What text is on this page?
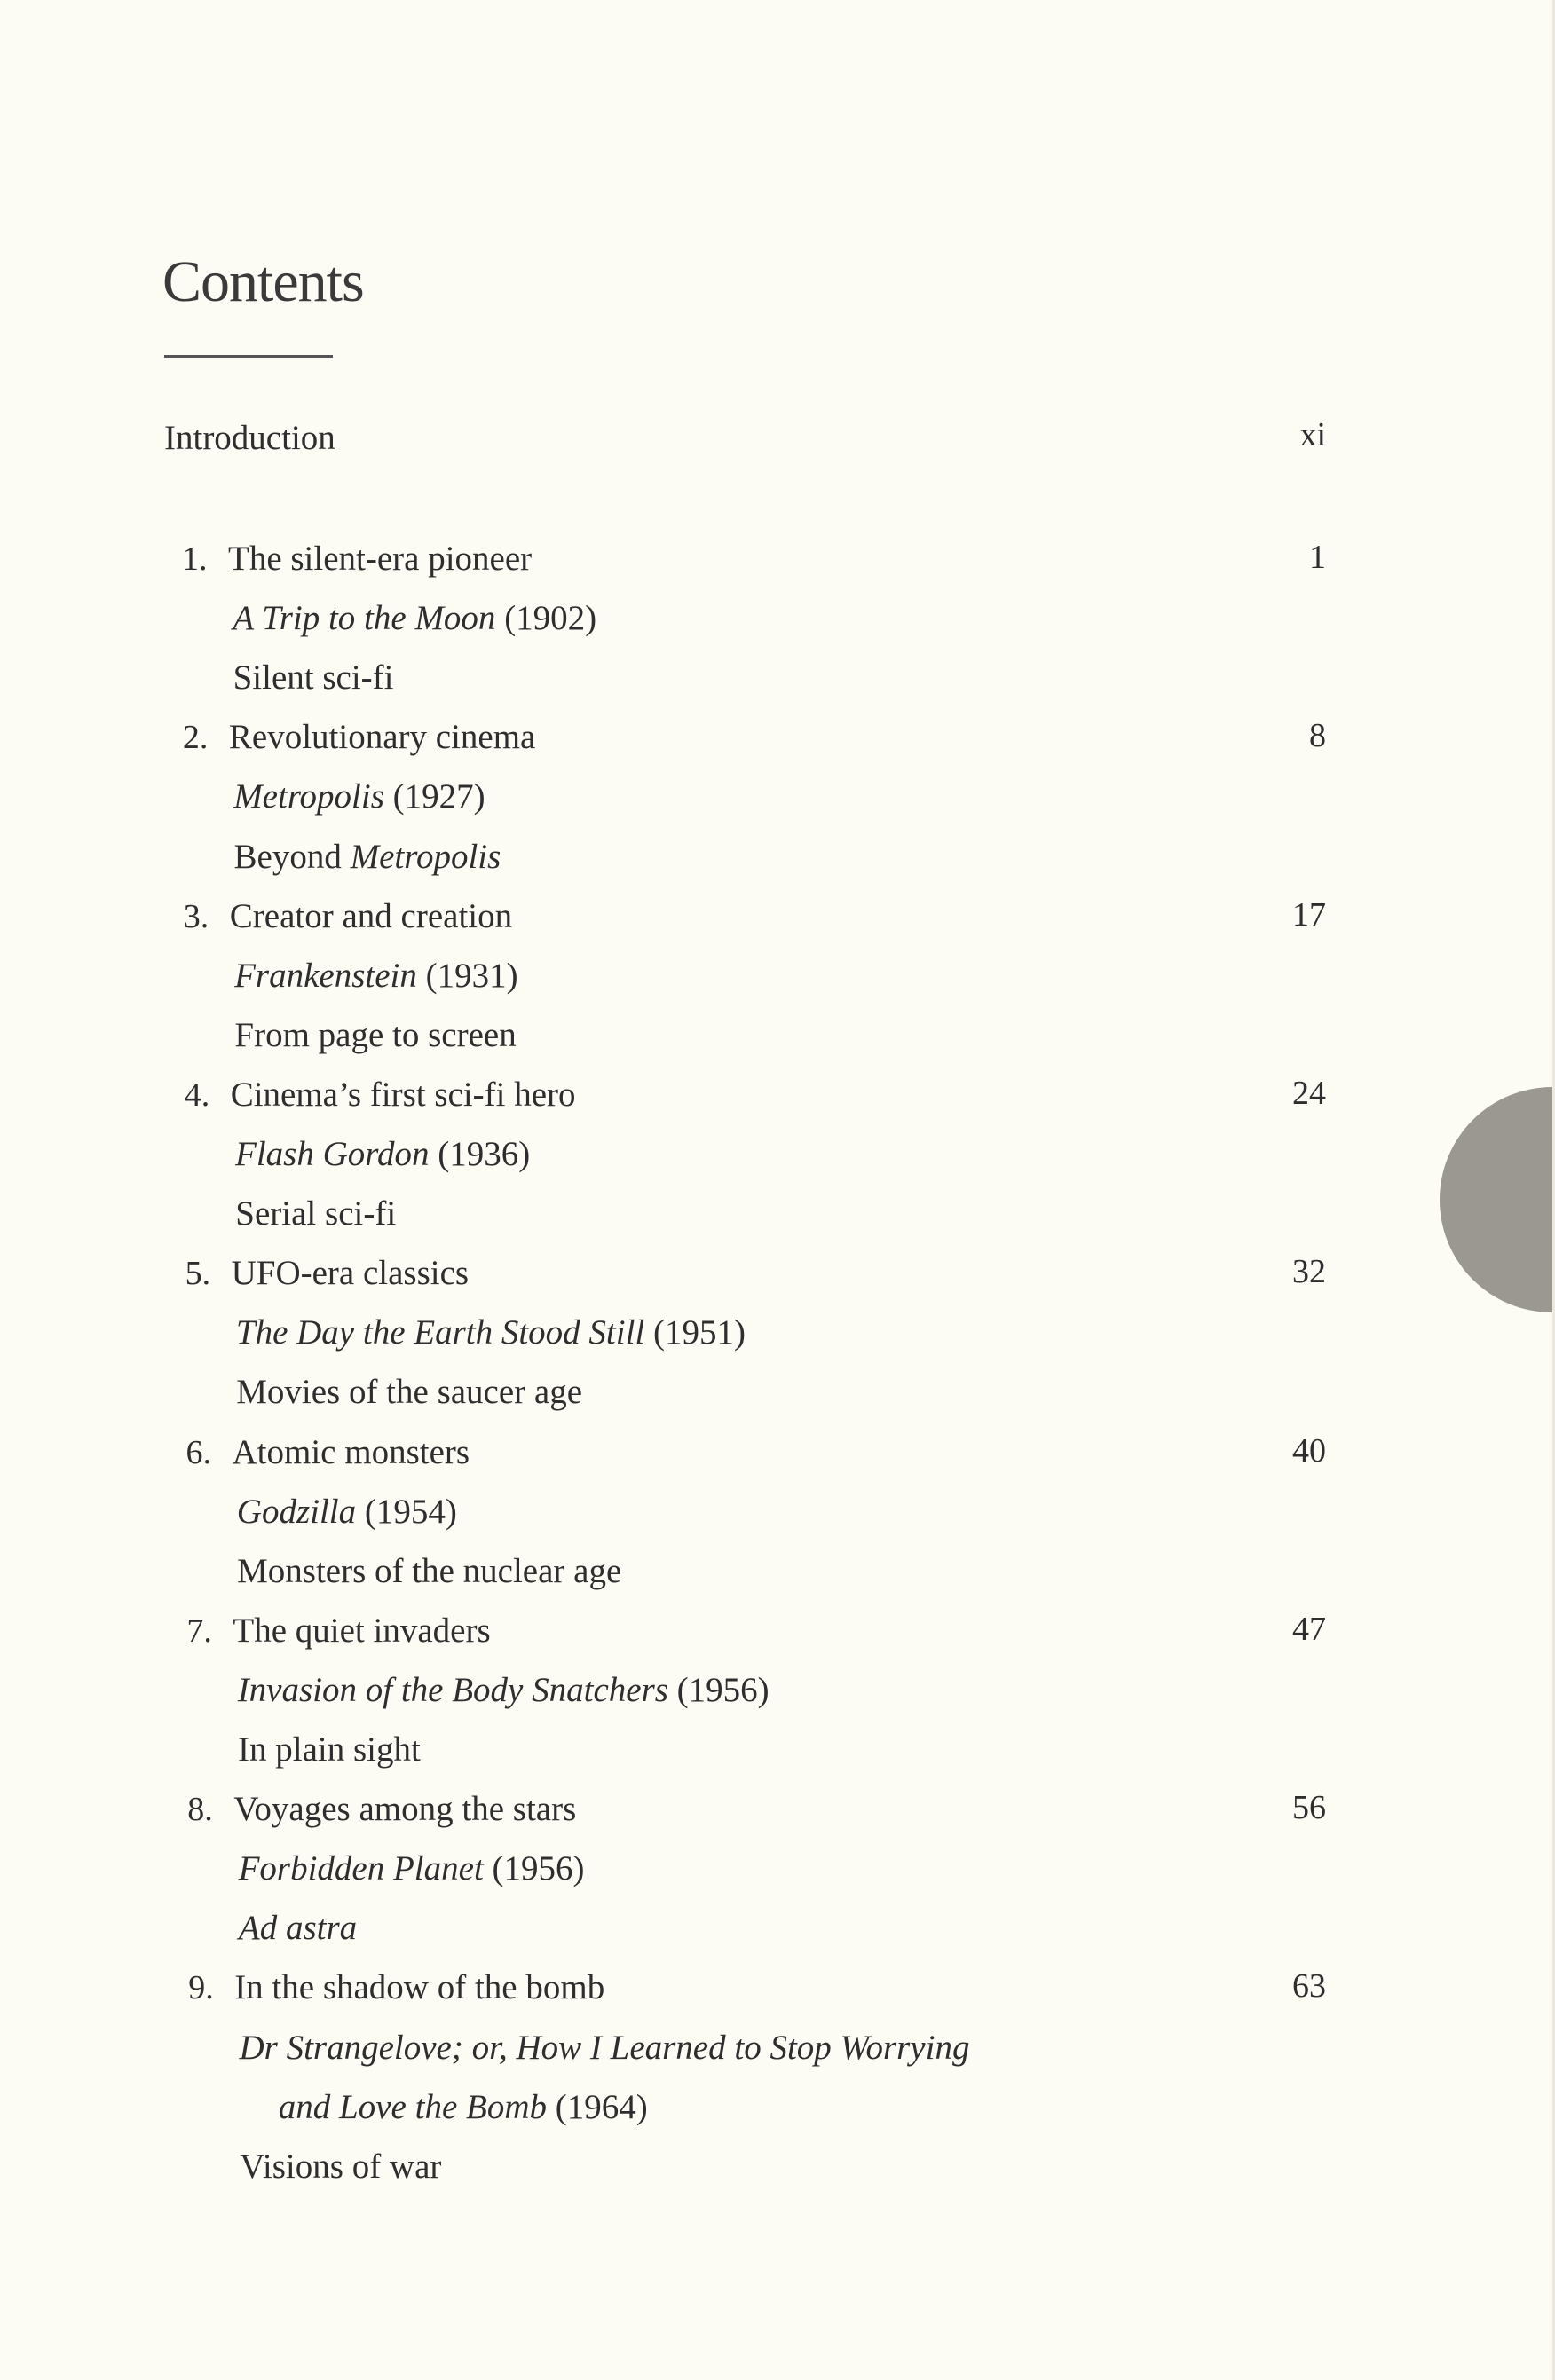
Contents
Introduction	xi
1. The silent-era pioneer	1
A Trip to the Moon (1902)
Silent sci-fi
2. Revolutionary cinema	8
Metropolis (1927)
Beyond Metropolis
3. Creator and creation	17
Frankenstein (1931)
From page to screen
4. Cinema’s first sci-fi hero	24
Flash Gordon (1936)
Serial sci-fi
5. UFO-era classics	32
The Day the Earth Stood Still (1951)
Movies of the saucer age
6. Atomic monsters	40
Godzilla (1954)
Monsters of the nuclear age
7. The quiet invaders	47
Invasion of the Body Snatchers (1956)
In plain sight
8. Voyages among the stars	56
Forbidden Planet (1956)
Ad astra
9. In the shadow of the bomb	63
Dr Strangelove; or, How I Learned to Stop Worrying
and Love the Bomb (1964)
Visions of war
